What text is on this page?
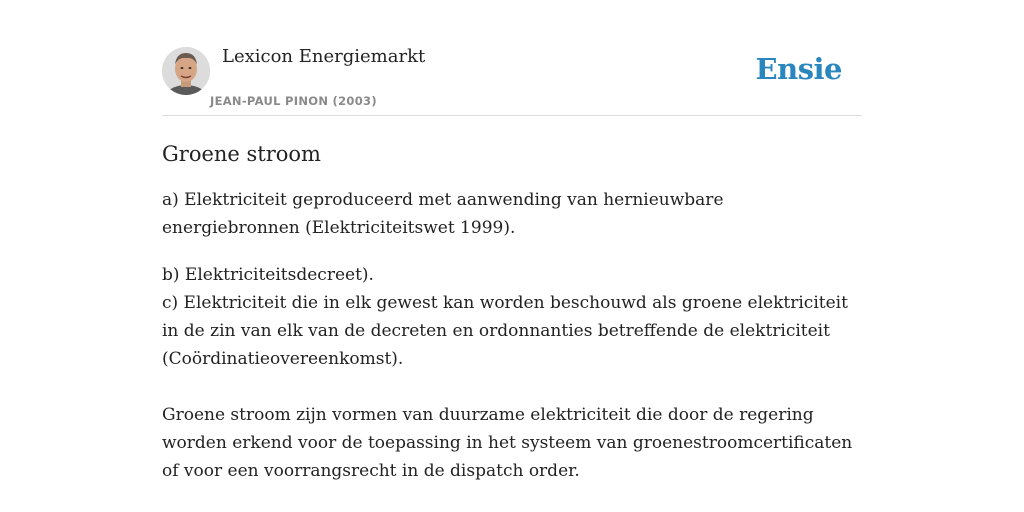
Lexicon Energiemarkt
JEAN-PAUL PINON (2003)
Ensie
Groene stroom

a) Elektriciteit geproduceerd met aanwending van hernieuwbare energiebronnen (Elektriciteitswet 1999).

b) Elektriciteitsdecreet).

c) Elektriciteit die in elk gewest kan worden beschouwd als groene elektriciteit in de zin van elk van de decreten en ordonnanties betreffende de elektriciteit (Coördinatieovereenkomst).

Groene stroom zijn vormen van duurzame elektriciteit die door de regering worden erkend voor de toepassing in het systeem van groenestroomcertificaten of voor een voorrangsrecht in de dispatch order.
